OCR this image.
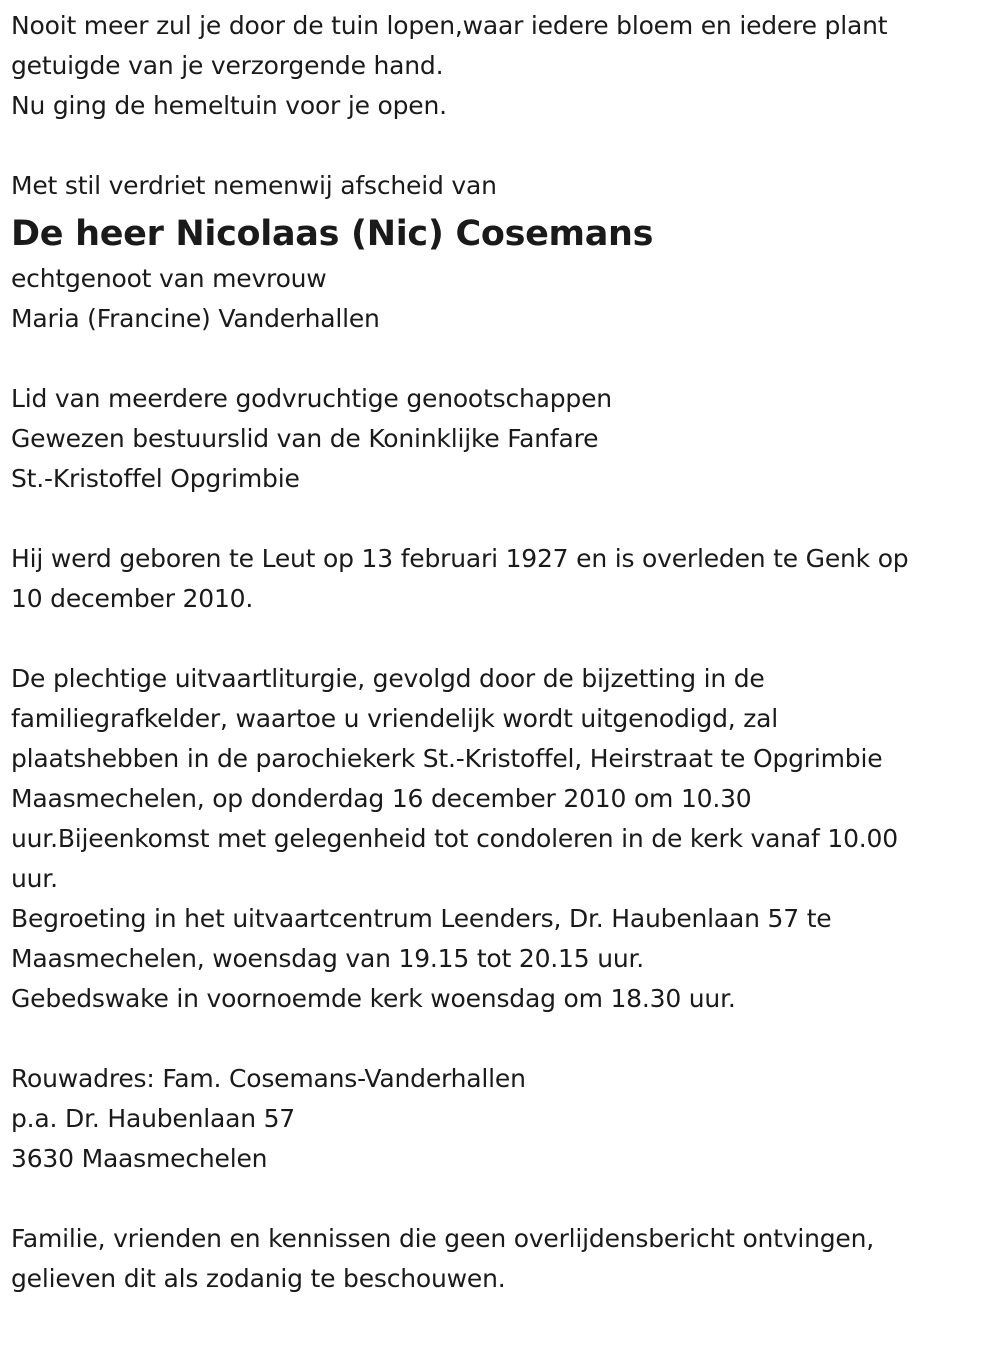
Nooit meer zul je door de tuin lopen,waar iedere bloem en iedere plant
getuigde van je verzorgende hand.
Nu ging de hemeltuin voor je open.
Met stil verdriet nemenwij afscheid van
De heer Nicolaas (Nic) Cosemans
echtgenoot van mevrouw
Maria (Francine) Vanderhallen
Lid van meerdere godvruchtige genootschappen
Gewezen bestuurslid van de Koninklijke Fanfare
St.-Kristoffel Opgrimbie
Hij werd geboren te Leut op 13 februari 1927 en is overleden te Genk op
10 december 2010.
De plechtige uitvaartliturgie, gevolgd door de bijzetting in de
familiegrafkelder, waartoe u vriendelijk wordt uitgenodigd, zal
plaatshebben in de parochiekerk St.-Kristoffel, Heirstraat te Opgrimbie
Maasmechelen, op donderdag 16 december 2010 om 10.30
uur.Bijeenkomst met gelegenheid tot condoleren in de kerk vanaf 10.00
uur.
Begroeting in het uitvaartcentrum Leenders, Dr. Haubenlaan 57 te
Maasmechelen, woensdag van 19.15 tot 20.15 uur.
Gebedswake in voornoemde kerk woensdag om 18.30 uur.
Rouwadres: Fam. Cosemans-Vanderhallen
p.a. Dr. Haubenlaan 57
3630 Maasmechelen
Familie, vrienden en kennissen die geen overlijdensbericht ontvingen,
gelieven dit als zodanig te beschouwen.
